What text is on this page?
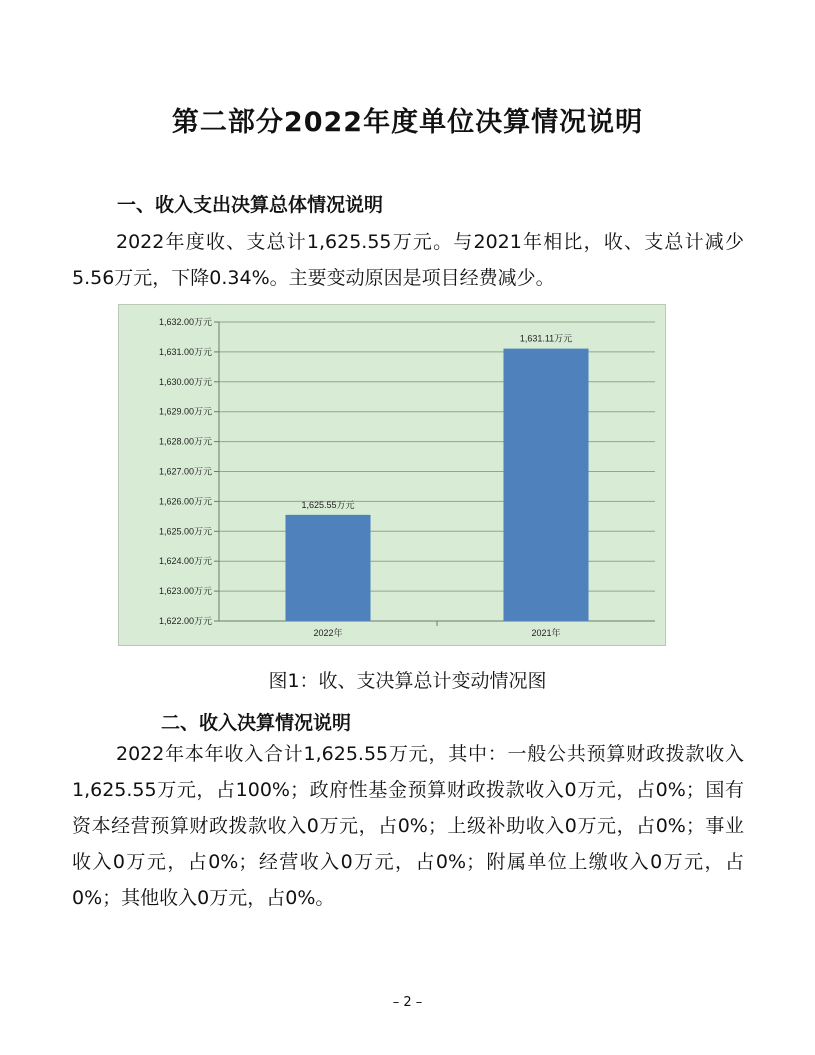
第二部分2022年度单位决算情况说明
一、收入支出决算总体情况说明

2022年度收、支总计1,625.55万元。与2021年相比，收、支总计减少5.56万元，下降0.34%。主要变动原因是项目经费减少。

1,622.00万元
1,623.00万元
1,624.00万元
1,625.00万元
1,626.00万元
1,627.00万元
1,628.00万元
1,629.00万元
1,630.00万元
1,631.00万元
1,632.00万元
1,625.55万元
2022年
1,631.11万元
2021年
图1：收、支决算总计变动情况图
二、收入决算情况说明

2022年本年收入合计1,625.55万元，其中：一般公共预算财政拨款收入1,625.55万元，占100%；政府性基金预算财政拨款收入0万元，占0%；国有资本经营预算财政拨款收入0万元，占0%；上级补助收入0万元，占0%；事业收入0万元，占0%；经营收入0万元，占0%；附属单位上缴收入0万元，占0%；其他收入0万元，占0%。

– 2 –
